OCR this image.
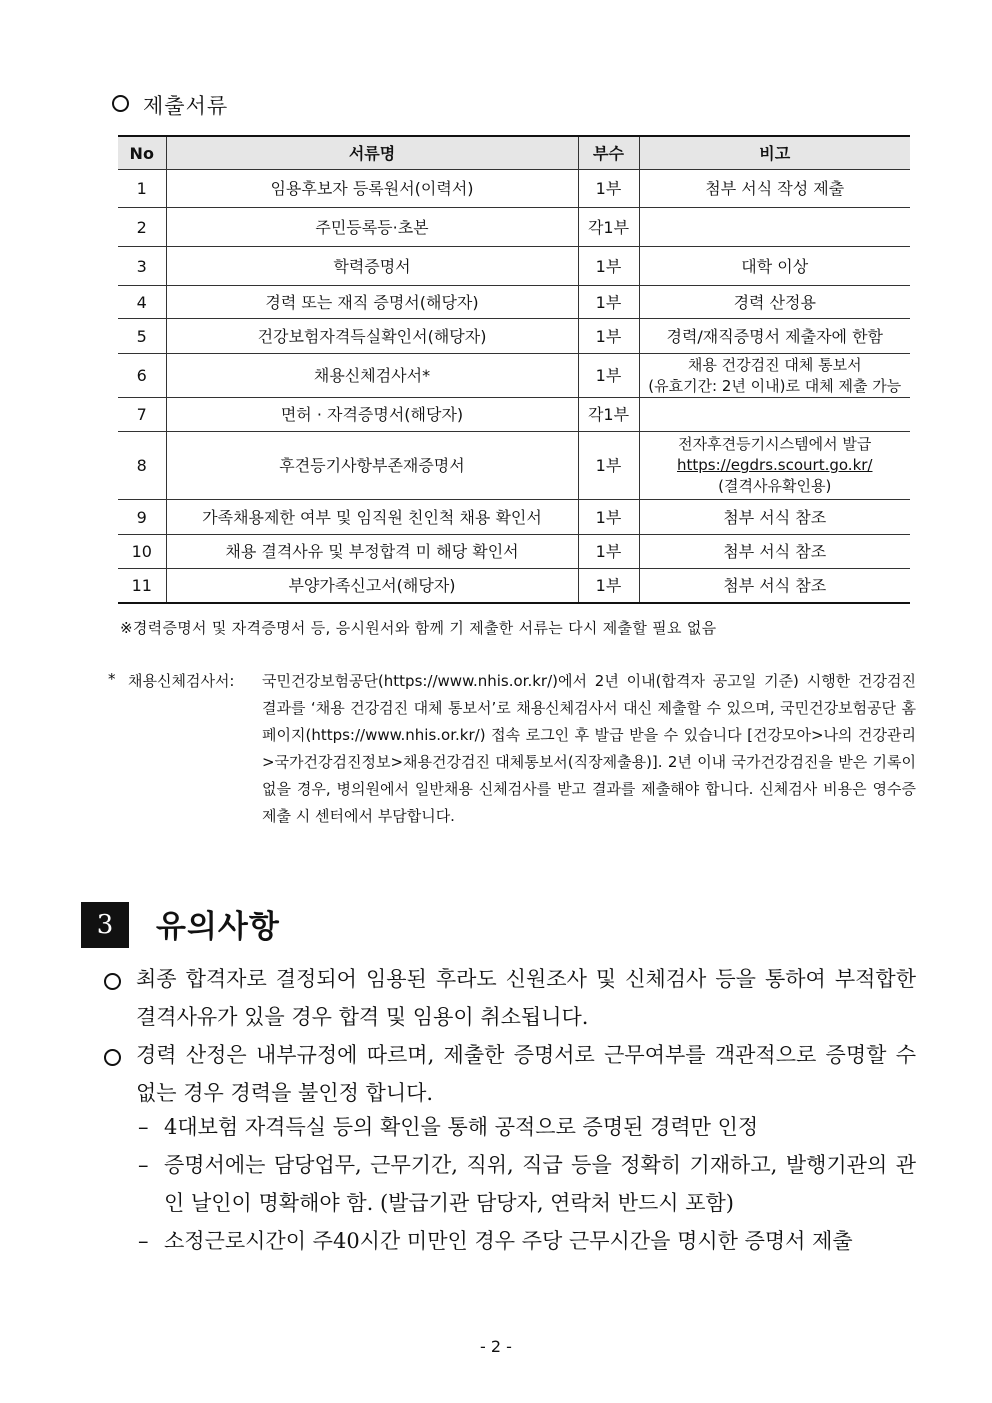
제출서류
No	서류명	부수	비고
1	임용후보자 등록원서(이력서)	1부	첨부 서식 작성 제출

2	주민등록등·초본	각1부	
3	학력증명서	1부	대학 이상

4	경력 또는 재직 증명서(해당자)	1부	경력 산정용

5	건강보험자격득실확인서(해당자)	1부	경력/재직증명서 제출자에 한함

6	채용신체검사서*	1부	채용 건강검진 대체 통보서
(유효기간: 2년 이내)로 대체 제출 가능

7	면허 · 자격증명서(해당자)	각1부	
8	후견등기사항부존재증명서	1부	전자후견등기시스템에서 발급
https://egdrs.scourt.go.kr/
(결격사유확인용)

9	가족채용제한 여부 및 임직원 친인척 채용 확인서	1부	첨부 서식 참조

10	채용 결격사유 및 부정합격 미 해당 확인서	1부	첨부 서식 참조

11	부양가족신고서(해당자)	1부	첨부 서식 참조
※경력증명서 및 자격증명서 등, 응시원서와 함께 기 제출한 서류는 다시 제출할 필요 없음
* 채용신체검사서: 국민건강보험공단(https://www.nhis.or.kr/)에서 2년 이내(합격자 공고일 기준) 시행한 건강검진 결과를 ‘채용 건강검진 대체 통보서’로 채용신체검사서 대신 제출할 수 있으며, 국민건강보험공단 홈페이지(https://www.nhis.or.kr/) 접속 로그인 후 발급 받을 수 있습니다 [건강모아>나의 건강관리>국가건강검진정보>채용건강검진 대체통보서(직장제출용)]. 2년 이내 국가건강검진을 받은 기록이 없을 경우, 병의원에서 일반채용 신체검사를 받고 결과를 제출해야 합니다. 신체검사 비용은 영수증 제출 시 센터에서 부담합니다.
3	유의사항
최종 합격자로 결정되어 임용된 후라도 신원조사 및 신체검사 등을 통하여 부적합한 결격사유가 있을 경우 합격 및 임용이 취소됩니다.
경력 산정은 내부규정에 따르며, 제출한 증명서로 근무여부를 객관적으로 증명할 수 없는 경우 경력을 불인정 합니다.
– 4대보험 자격득실 등의 확인을 통해 공적으로 증명된 경력만 인정
– 증명서에는 담당업무, 근무기간, 직위, 직급 등을 정확히 기재하고, 발행기관의 관인 날인이 명확해야 함. (발급기관 담당자, 연락처 반드시 포함)
– 소정근로시간이 주40시간 미만인 경우 주당 근무시간을 명시한 증명서 제출
- 2 -
